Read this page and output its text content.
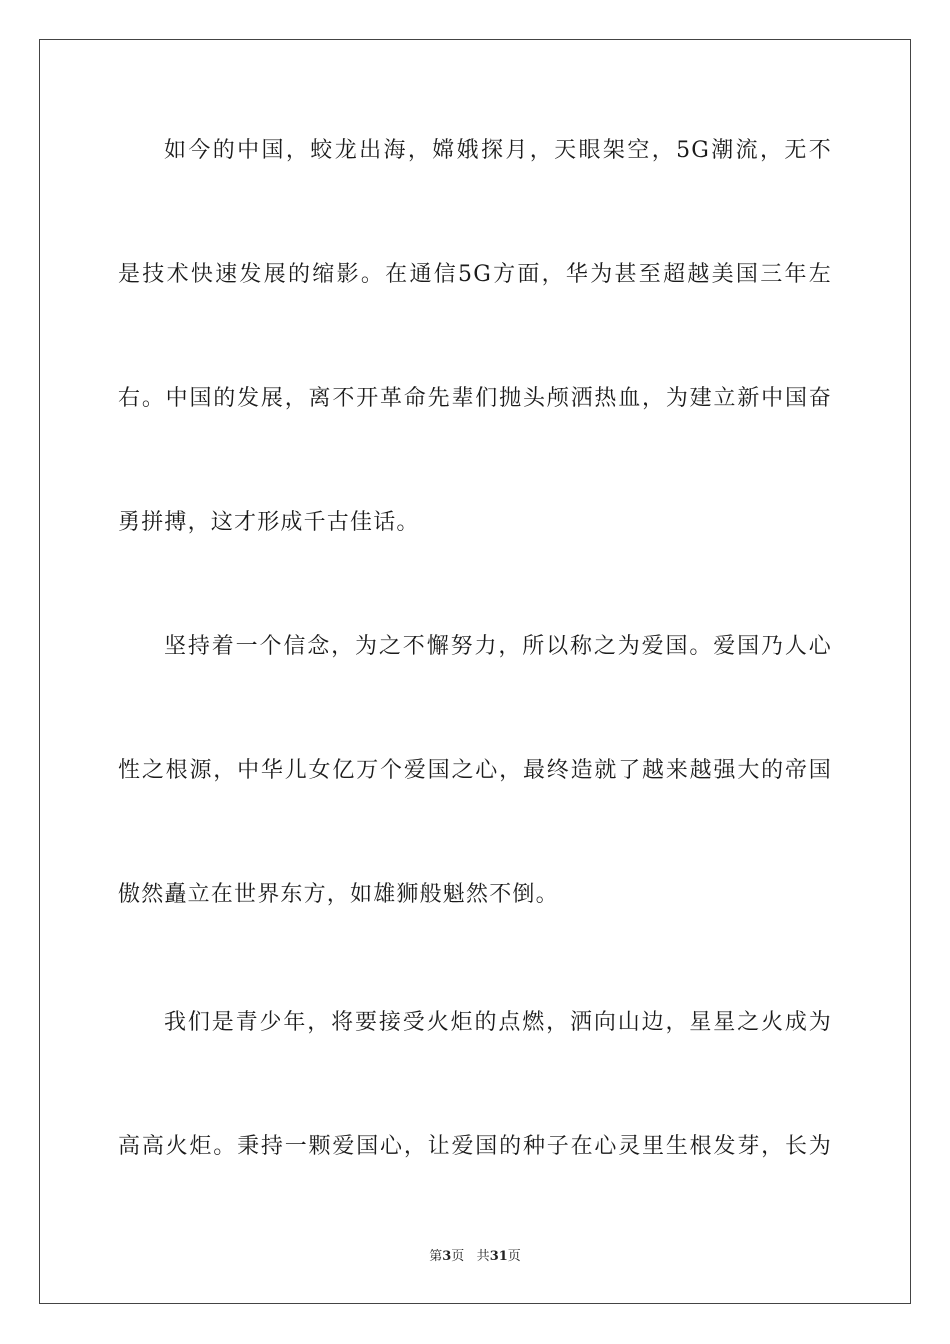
如今的中国，蛟龙出海，嫦娥探月，天眼架空，5G潮流，无不
是技术快速发展的缩影。在通信5G方面，华为甚至超越美国三年左
右。中国的发展，离不开革命先辈们抛头颅洒热血，为建立新中国奋
勇拼搏，这才形成千古佳话。
坚持着一个信念，为之不懈努力，所以称之为爱国。爱国乃人心
性之根源，中华儿女亿万个爱国之心，最终造就了越来越强大的帝国
傲然矗立在世界东方，如雄狮般魁然不倒。
我们是青少年，将要接受火炬的点燃，洒向山边，星星之火成为
高高火炬。秉持一颗爱国心，让爱国的种子在心灵里生根发芽，长为
第3页 共31页
